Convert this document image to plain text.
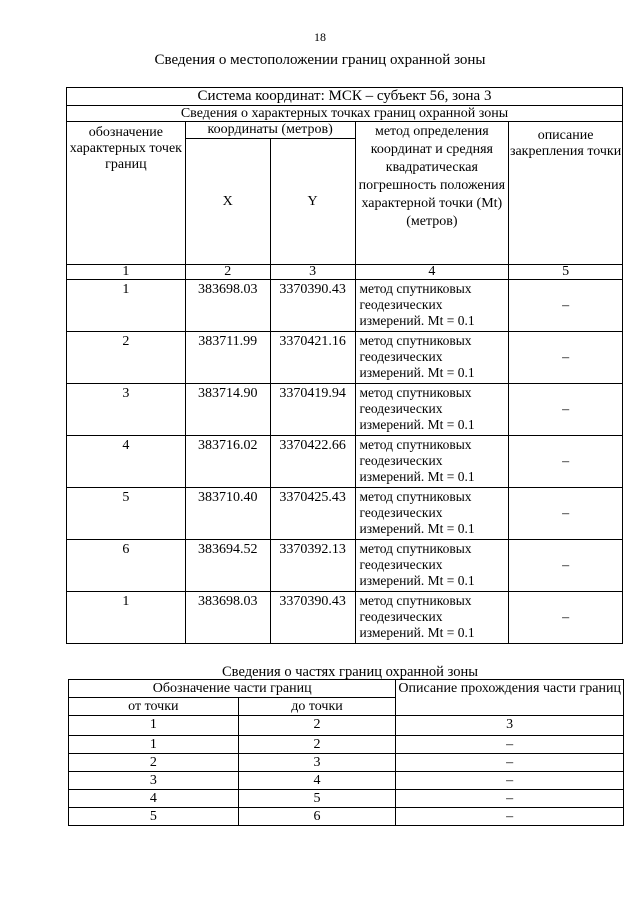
18
Сведения о местоположении границ охранной зоны
Система координат: МСК – субъект 56, зона 3				
Сведения о характерных точках границ охранной зоны				
обозначение характерных точек границ	координаты (метров)		метод определения координат и средняя квадратическая погрешность положения характерной точки (Mt) (метров)	описание закрепления точки
	X	Y		
1	2	3	4	5
1	383698.03	3370390.43	метод спутниковых геодезических измерений. Mt = 0.1	–
2	383711.99	3370421.16	метод спутниковых геодезических измерений. Mt = 0.1	–
3	383714.90	3370419.94	метод спутниковых геодезических измерений. Mt = 0.1	–
4	383716.02	3370422.66	метод спутниковых геодезических измерений. Mt = 0.1	–
5	383710.40	3370425.43	метод спутниковых геодезических измерений. Mt = 0.1	–
6	383694.52	3370392.13	метод спутниковых геодезических измерений. Mt = 0.1	–
1	383698.03	3370390.43	метод спутниковых геодезических измерений. Mt = 0.1	–
Сведения о частях границ охранной зоны
Обозначение части границ		Описание прохождения части границ
от точки	до точки	
1	2	3
1	2	–
2	3	–
3	4	–
4	5	–
5	6	–
